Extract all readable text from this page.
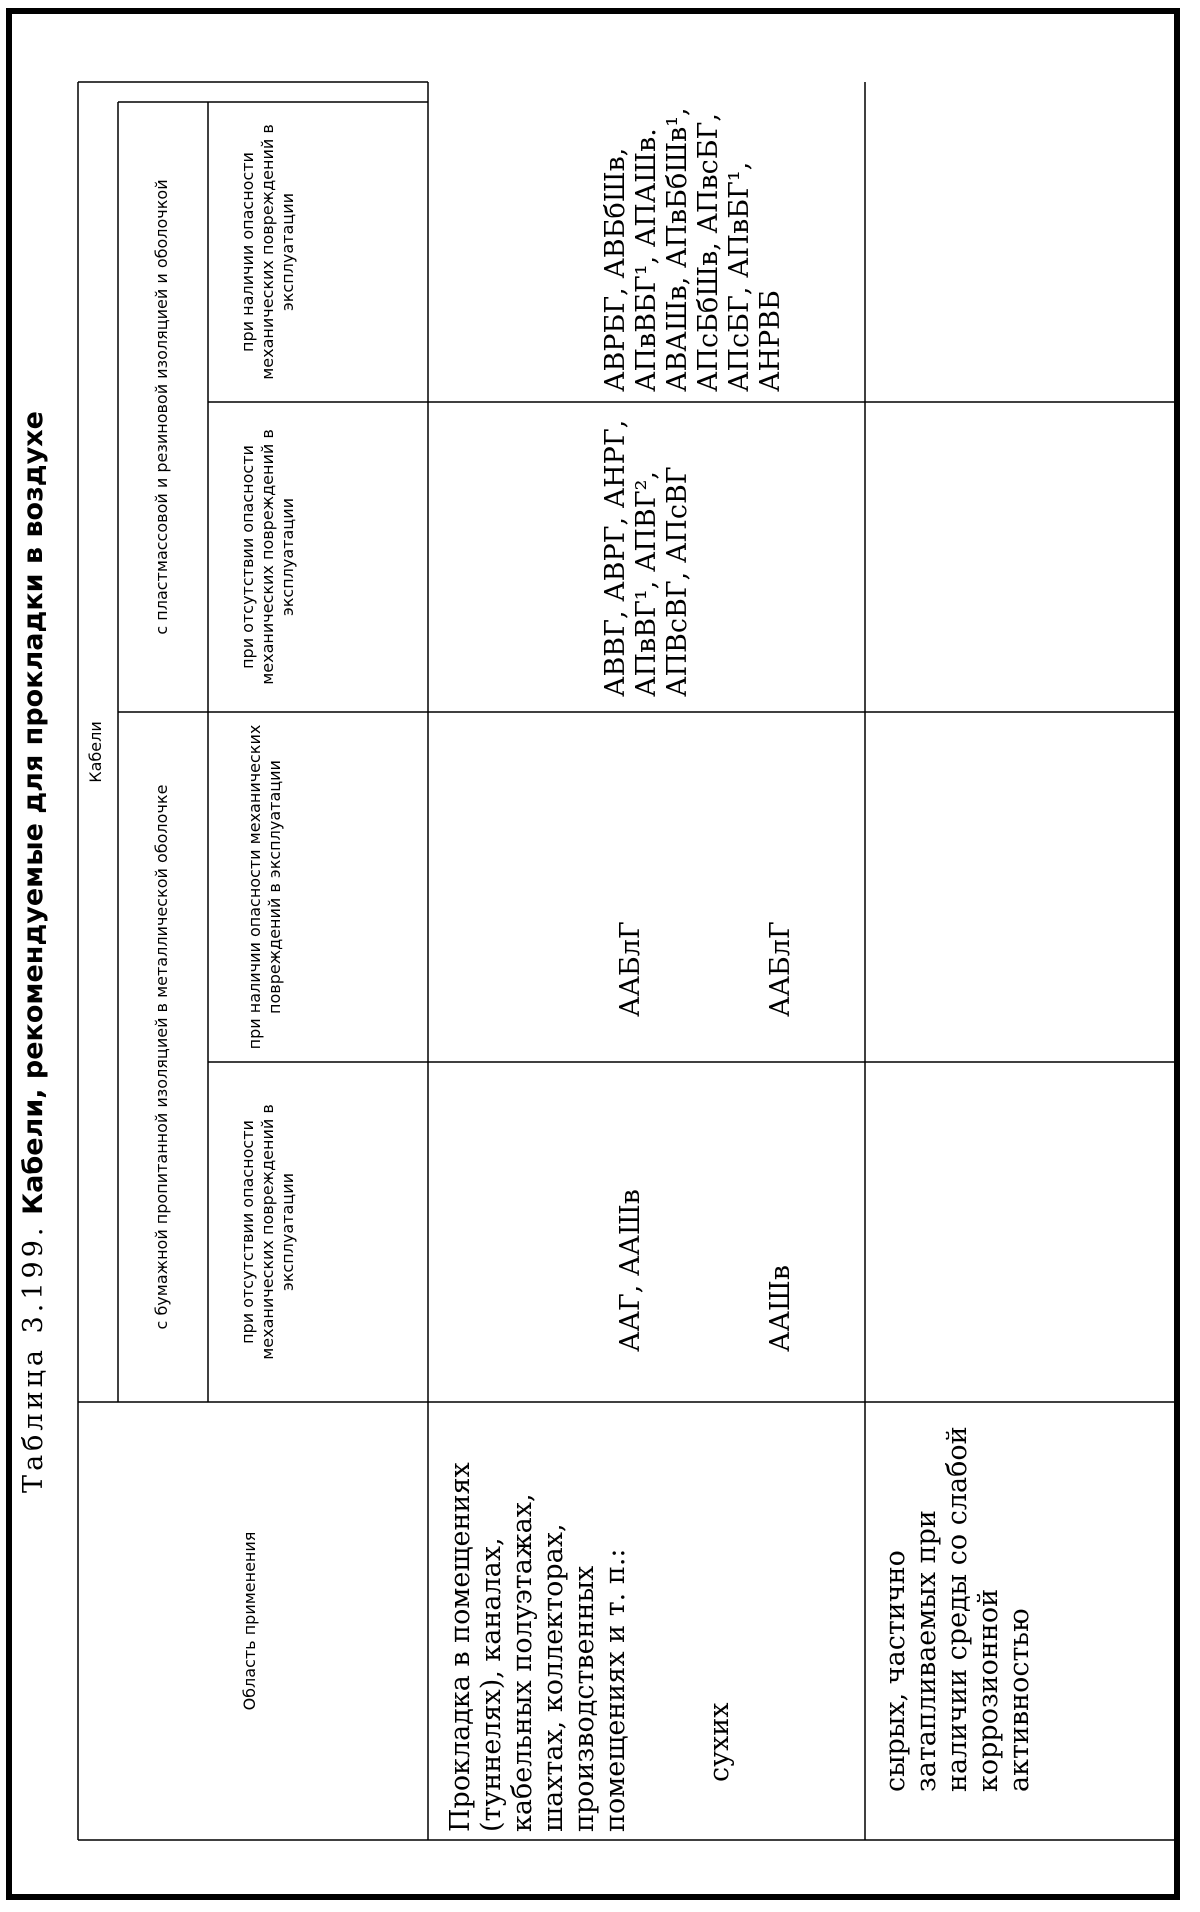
Таблица 3.199. Кабели, рекомендуемые для прокладки в воздухе
Область применения
Кабели
с бумажной пропитанной изоляцией в металлической оболочке
с пластмассовой и резиновой изоляцией и оболочкой
при отсутствии опасности механических повреждений в эксплуатации
при наличии опасности механических повреждений в эксплуатации
при отсутствии опасности механических повреждений в эксплуатации
при наличии опасности механических повреждений в эксплуатации
Прокладка в помещениях (туннелях), каналах, кабельных полуэтажах, шахтах, коллекторах, производственных помещениях и т. п.:	сухих
ААГ, ААШв
ААБлГ
АВВГ, АВРГ, АНРГ, АПвВГ¹, АПВГ², АПВсВГ, АПсВГ
АВРБГ, АВБбШв, АПвВБГ¹, АПАШв. АВАШв, АПвБбШв¹, АПсБбШв, АПвсБГ, АПсБГ, АПвБГ¹, АНРВБ
сырых, частично затапливаемых при наличии среды со слабой коррозионной активностью
ААШв
ААБлГ
